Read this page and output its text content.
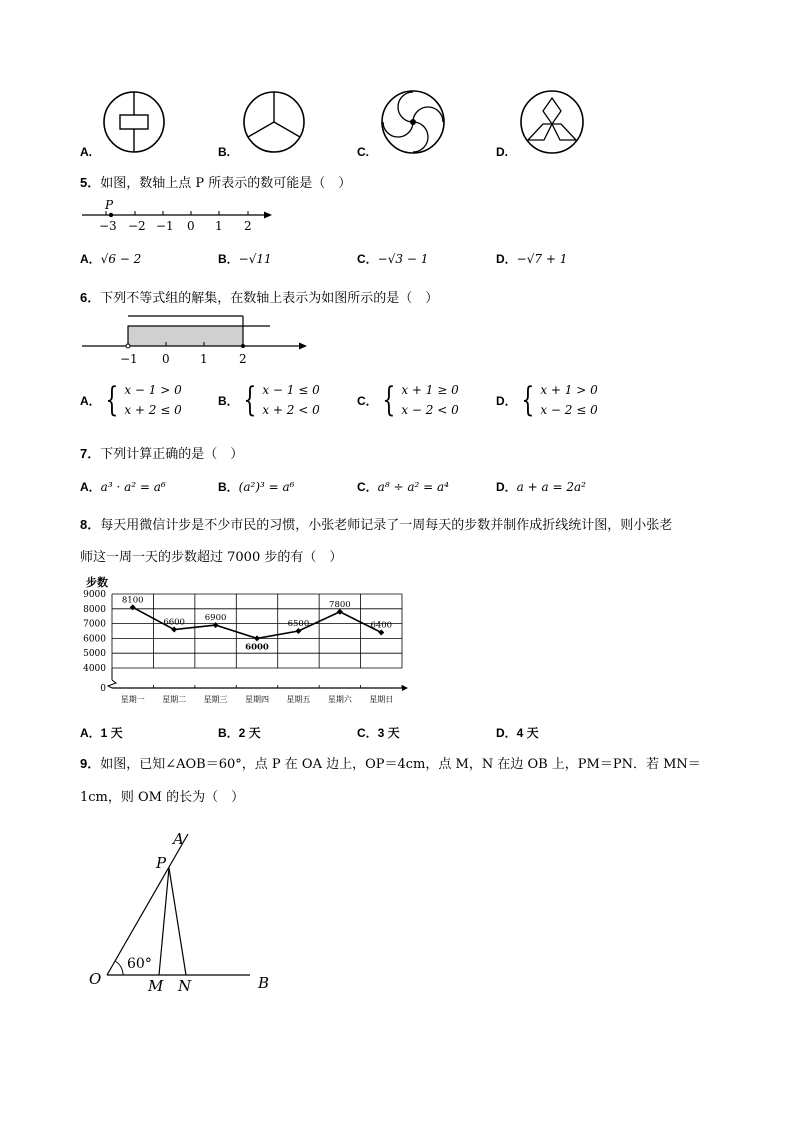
A.	B.	C.	D.
5．如图，数轴上点 P 所表示的数可能是（　）
P
−3 −2 −1 0 1 2
A．√6 − 2	B．−√11	C．−√3 − 1	D．−√7 + 1
6．下列不等式组的解集，在数轴上表示为如图所示的是（　）
−1 0	1	2
A． { x − 1 > 0
x + 2 ≤ 0
B． { x − 1 ≤ 0
x + 2 < 0
C． { x + 1 ≥ 0
x − 2 < 0
D． { x + 1 > 0
x − 2 ≤ 0
7．下列计算正确的是（　）
A．a³ · a² = a⁶	B．(a²)³ = a⁶	C．a⁸ ÷ a² = a⁴	D．a + a = 2a²
8．每天用微信计步是不少市民的习惯，小张老师记录了一周每天的步数并制作成折线统计图，则小张老
师这一周一天的步数超过 7000 步的有（　）
步数
0
4000
5000
6000
7000
8000
9000
星期一 星期二 星期三 星期四 星期五 星期六 星期日
8100
6600 6900
6000
6500
7800
6400
A．1 天	B．2 天	C．3 天	D．4 天
9．如图，已知∠AOB＝60°，点 P 在 OA 边上，OP＝4cm，点 M，N 在边 OB 上，PM＝PN．若 MN＝
1cm，则 OM 的长为（　）
O
A
B
P
M N
60°
